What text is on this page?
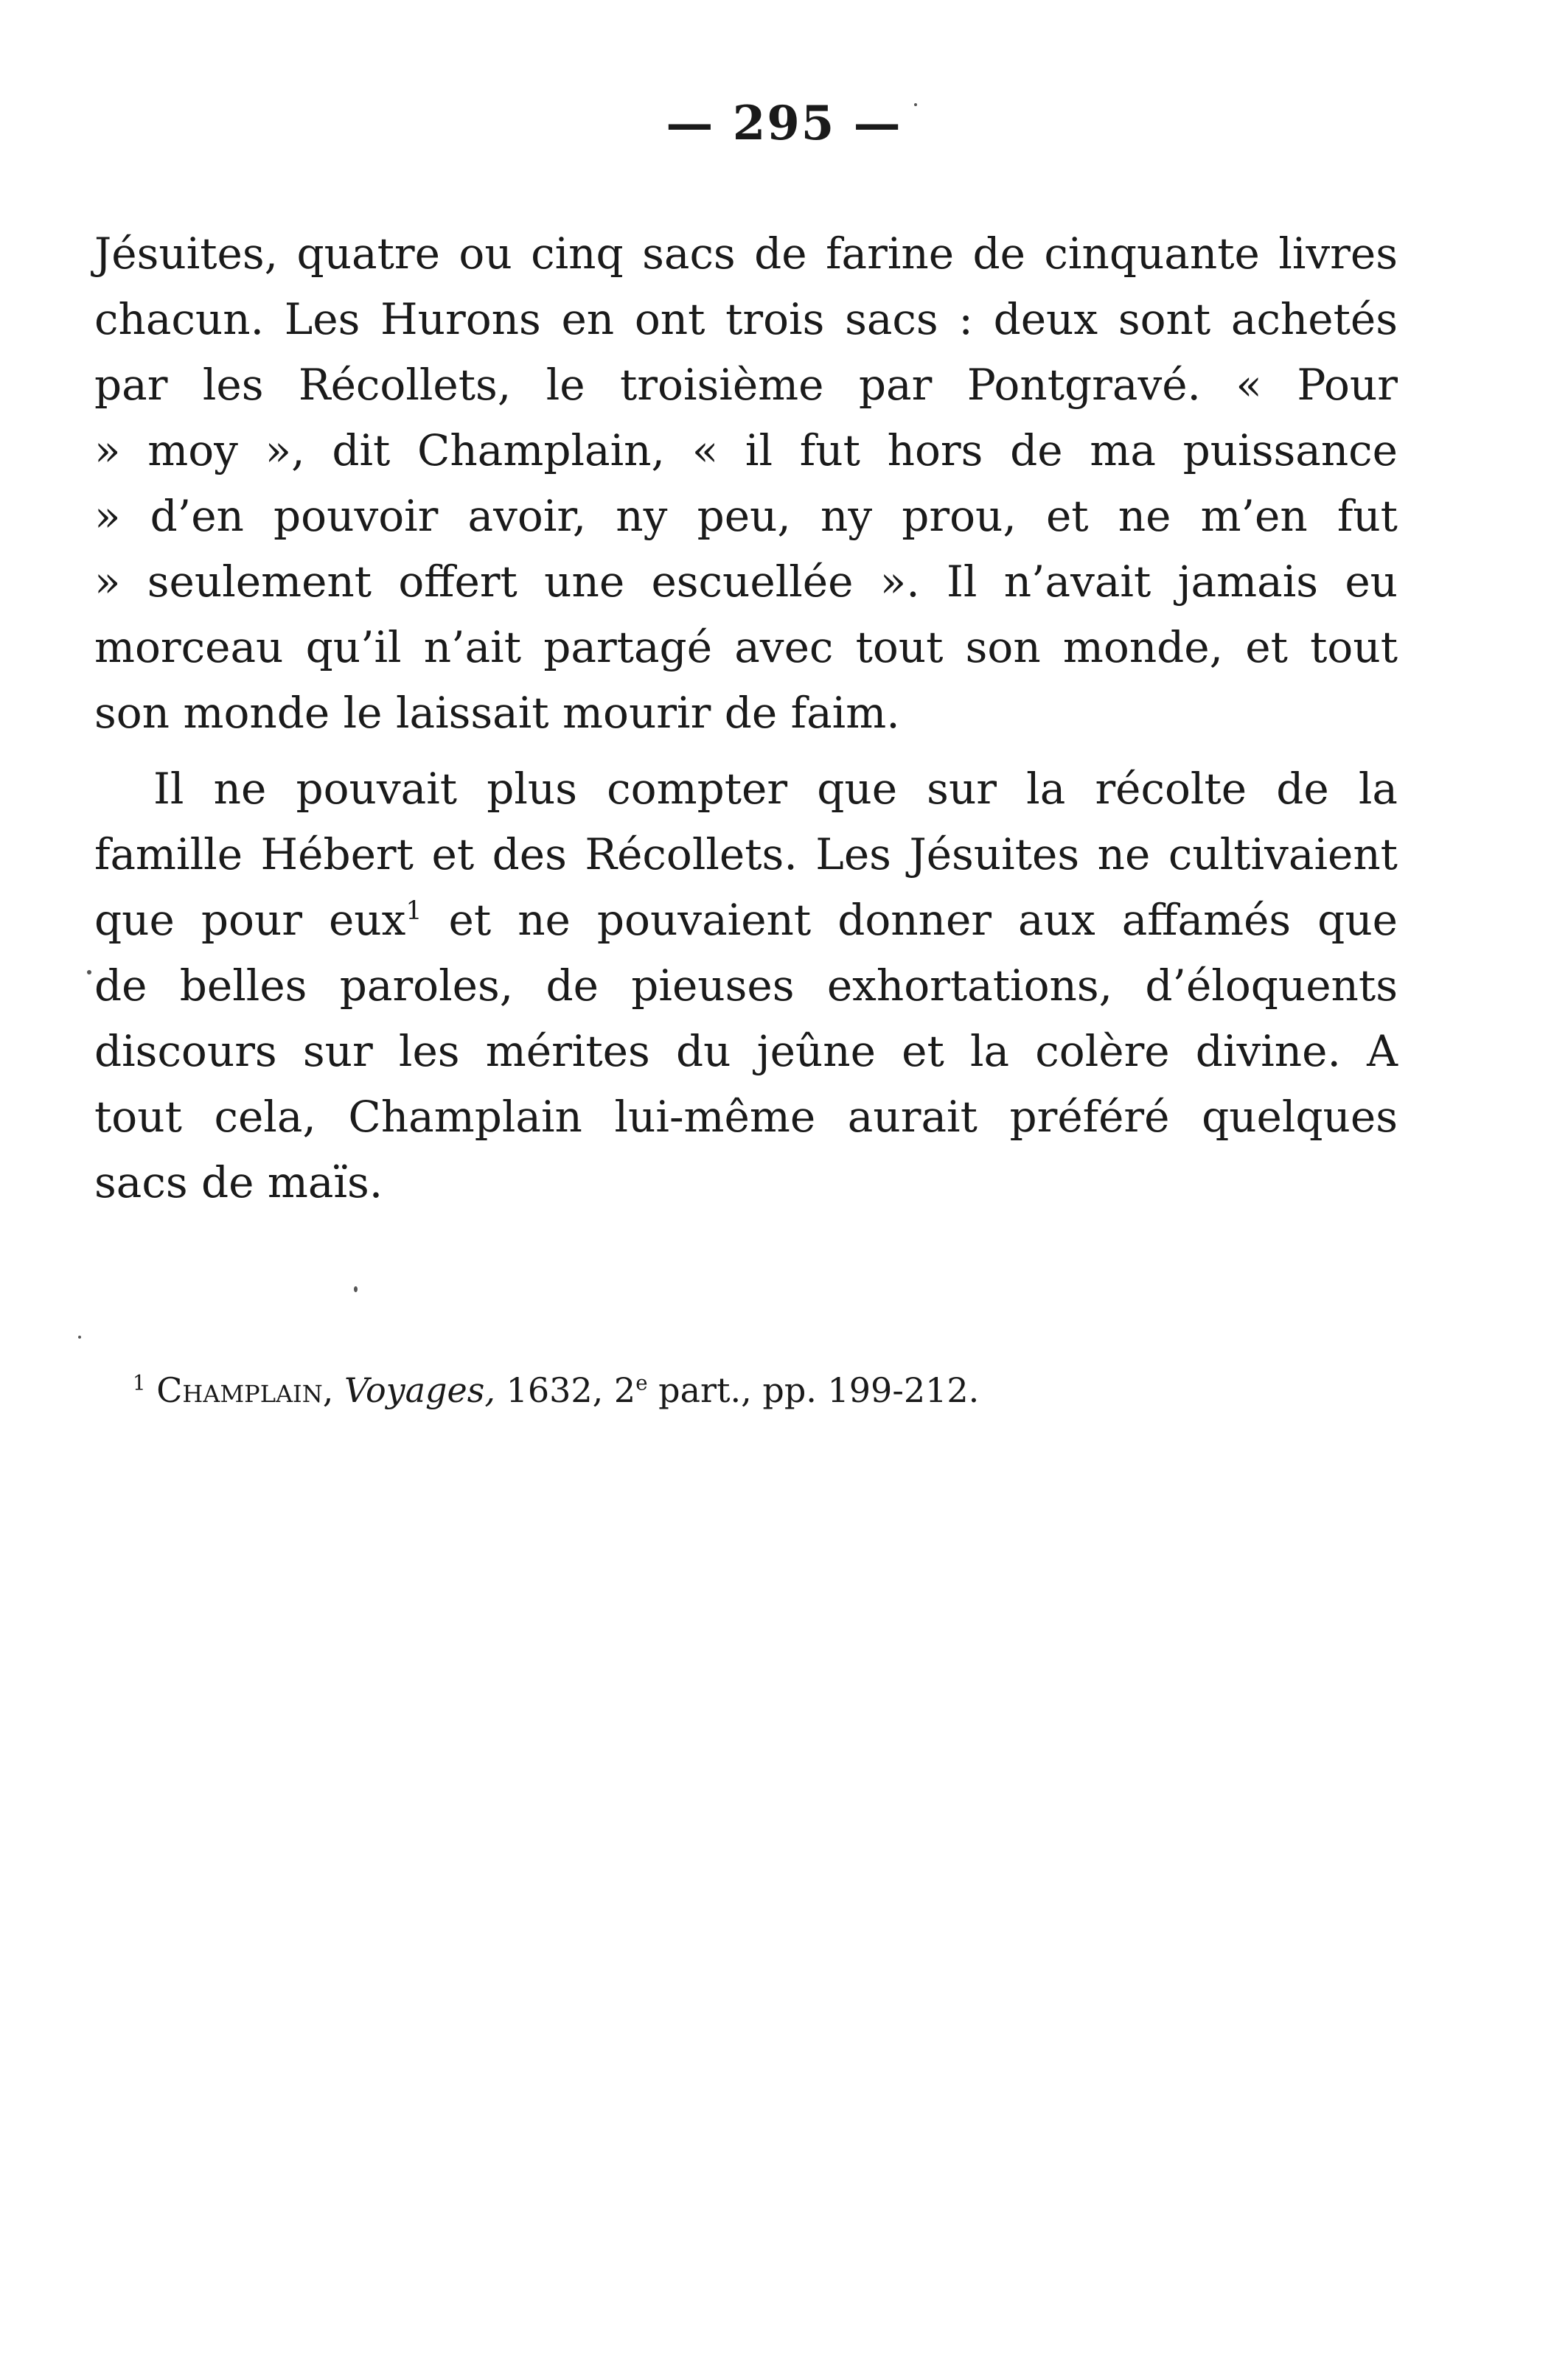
— 295 —
Jésuites, quatre ou cinq sacs de farine de cinquante livres
chacun. Les Hurons en ont trois sacs : deux sont achetés
par les Récollets, le troisième par Pontgravé. « Pour
» moy », dit Champlain, « il fut hors de ma puissance
» d’en pouvoir avoir, ny peu, ny prou, et ne m’en fut
» seulement offert une escuellée ». Il n’avait jamais eu
morceau qu’il n’ait partagé avec tout son monde, et tout
son monde le laissait mourir de faim.
Il ne pouvait plus compter que sur la récolte de la
famille Hébert et des Récollets. Les Jésuites ne cultivaient
que pour eux$^1$ et ne pouvaient donner aux affamés que
de belles paroles, de pieuses exhortations, d’éloquents
discours sur les mérites du jeûne et la colère divine. A
tout cela, Champlain lui-même aurait préféré quelques
sacs de maïs.
$^1$ Champlain, Voyages, 1632, 2e part., pp. 199-212.
